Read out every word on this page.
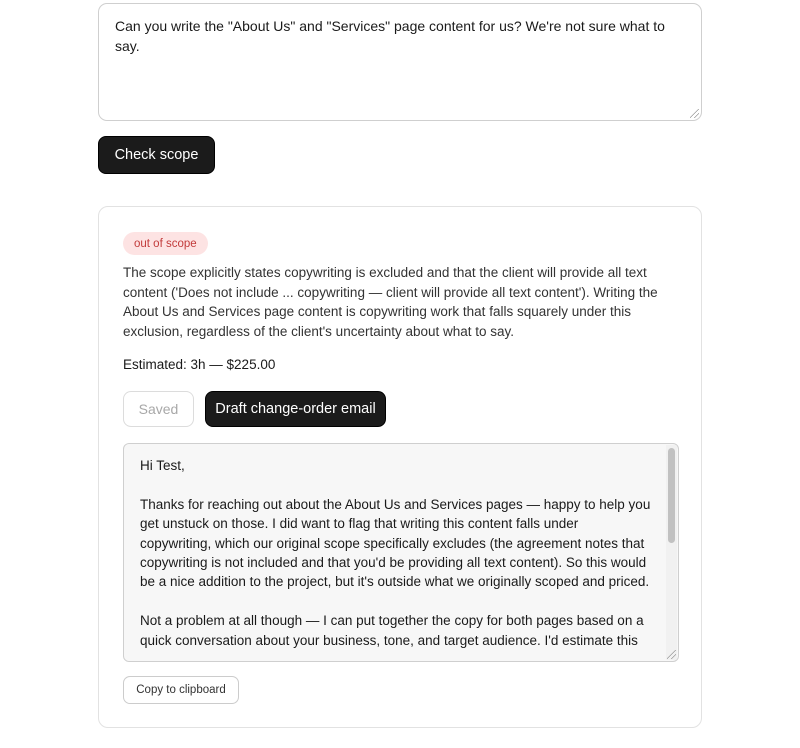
Can you write the "About Us" and "Services" page content for us? We're not sure what to say.
Check scope
out of scope
The scope explicitly states copywriting is excluded and that the client will provide all text content ('Does not include ... copywriting — client will provide all text content'). Writing the About Us and Services page content is copywriting work that falls squarely under this exclusion, regardless of the client's uncertainty about what to say.
Estimated: 3h — $225.00
Saved	Draft change-order email

Hi Test,

Thanks for reaching out about the About Us and Services pages — happy to help you get unstuck on those. I did want to flag that writing this content falls under copywriting, which our original scope specifically excludes (the agreement notes that copywriting is not included and that you'd be providing all text content). So this would be a nice addition to the project, but it's outside what we originally scoped and priced.

Not a problem at all though — I can put together the copy for both pages based on a quick conversation about your business, tone, and target audience. I'd estimate this

Copy to clipboard
